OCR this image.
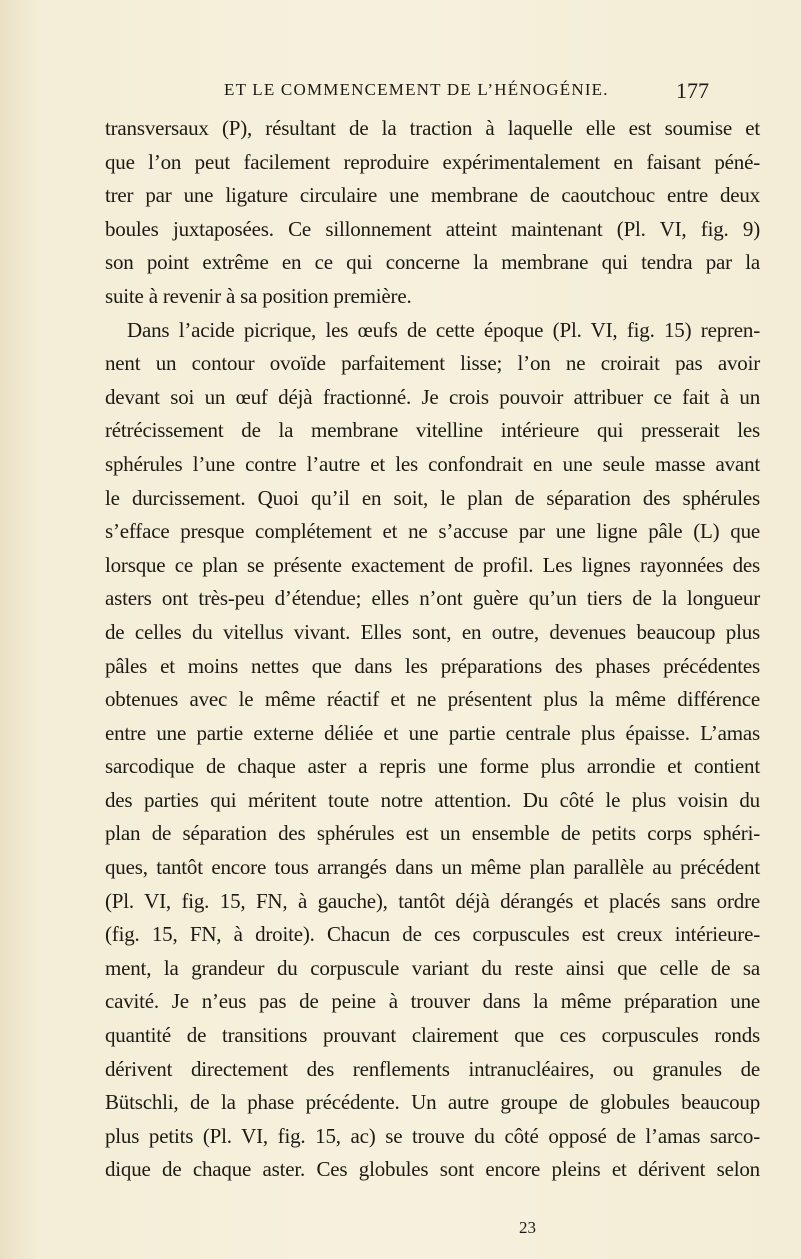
ET LE COMMENCEMENT DE L’HÉNOGÉNIE.	177
transversaux (P), résultant de la traction à laquelle elle est soumise et
que l’on peut facilement reproduire expérimentalement en faisant péné-
trer par une ligature circulaire une membrane de caoutchouc entre deux
boules juxtaposées. Ce sillonnement atteint maintenant (Pl. VI, fig. 9)
son point extrême en ce qui concerne la membrane qui tendra par la
suite à revenir à sa position première.
Dans l’acide picrique, les œufs de cette époque (Pl. VI, fig. 15) repren-
nent un contour ovoïde parfaitement lisse; l’on ne croirait pas avoir
devant soi un œuf déjà fractionné. Je crois pouvoir attribuer ce fait à un
rétrécissement de la membrane vitelline intérieure qui presserait les
sphérules l’une contre l’autre et les confondrait en une seule masse avant
le durcissement. Quoi qu’il en soit, le plan de séparation des sphérules
s’efface presque complétement et ne s’accuse par une ligne pâle (L) que
lorsque ce plan se présente exactement de profil. Les lignes rayonnées des
asters ont très-peu d’étendue; elles n’ont guère qu’un tiers de la longueur
de celles du vitellus vivant. Elles sont, en outre, devenues beaucoup plus
pâles et moins nettes que dans les préparations des phases précédentes
obtenues avec le même réactif et ne présentent plus la même différence
entre une partie externe déliée et une partie centrale plus épaisse. L’amas
sarcodique de chaque aster a repris une forme plus arrondie et contient
des parties qui méritent toute notre attention. Du côté le plus voisin du
plan de séparation des sphérules est un ensemble de petits corps sphéri-
ques, tantôt encore tous arrangés dans un même plan parallèle au précédent
(Pl. VI, fig. 15, FN, à gauche), tantôt déjà dérangés et placés sans ordre
(fig. 15, FN, à droite). Chacun de ces corpuscules est creux intérieure-
ment, la grandeur du corpuscule variant du reste ainsi que celle de sa
cavité. Je n’eus pas de peine à trouver dans la même préparation une
quantité de transitions prouvant clairement que ces corpuscules ronds
dérivent directement des renflements intranucléaires, ou granules de
Bütschli, de la phase précédente. Un autre groupe de globules beaucoup
plus petits (Pl. VI, fig. 15, ac) se trouve du côté opposé de l’amas sarco-
dique de chaque aster. Ces globules sont encore pleins et dérivent selon
23
